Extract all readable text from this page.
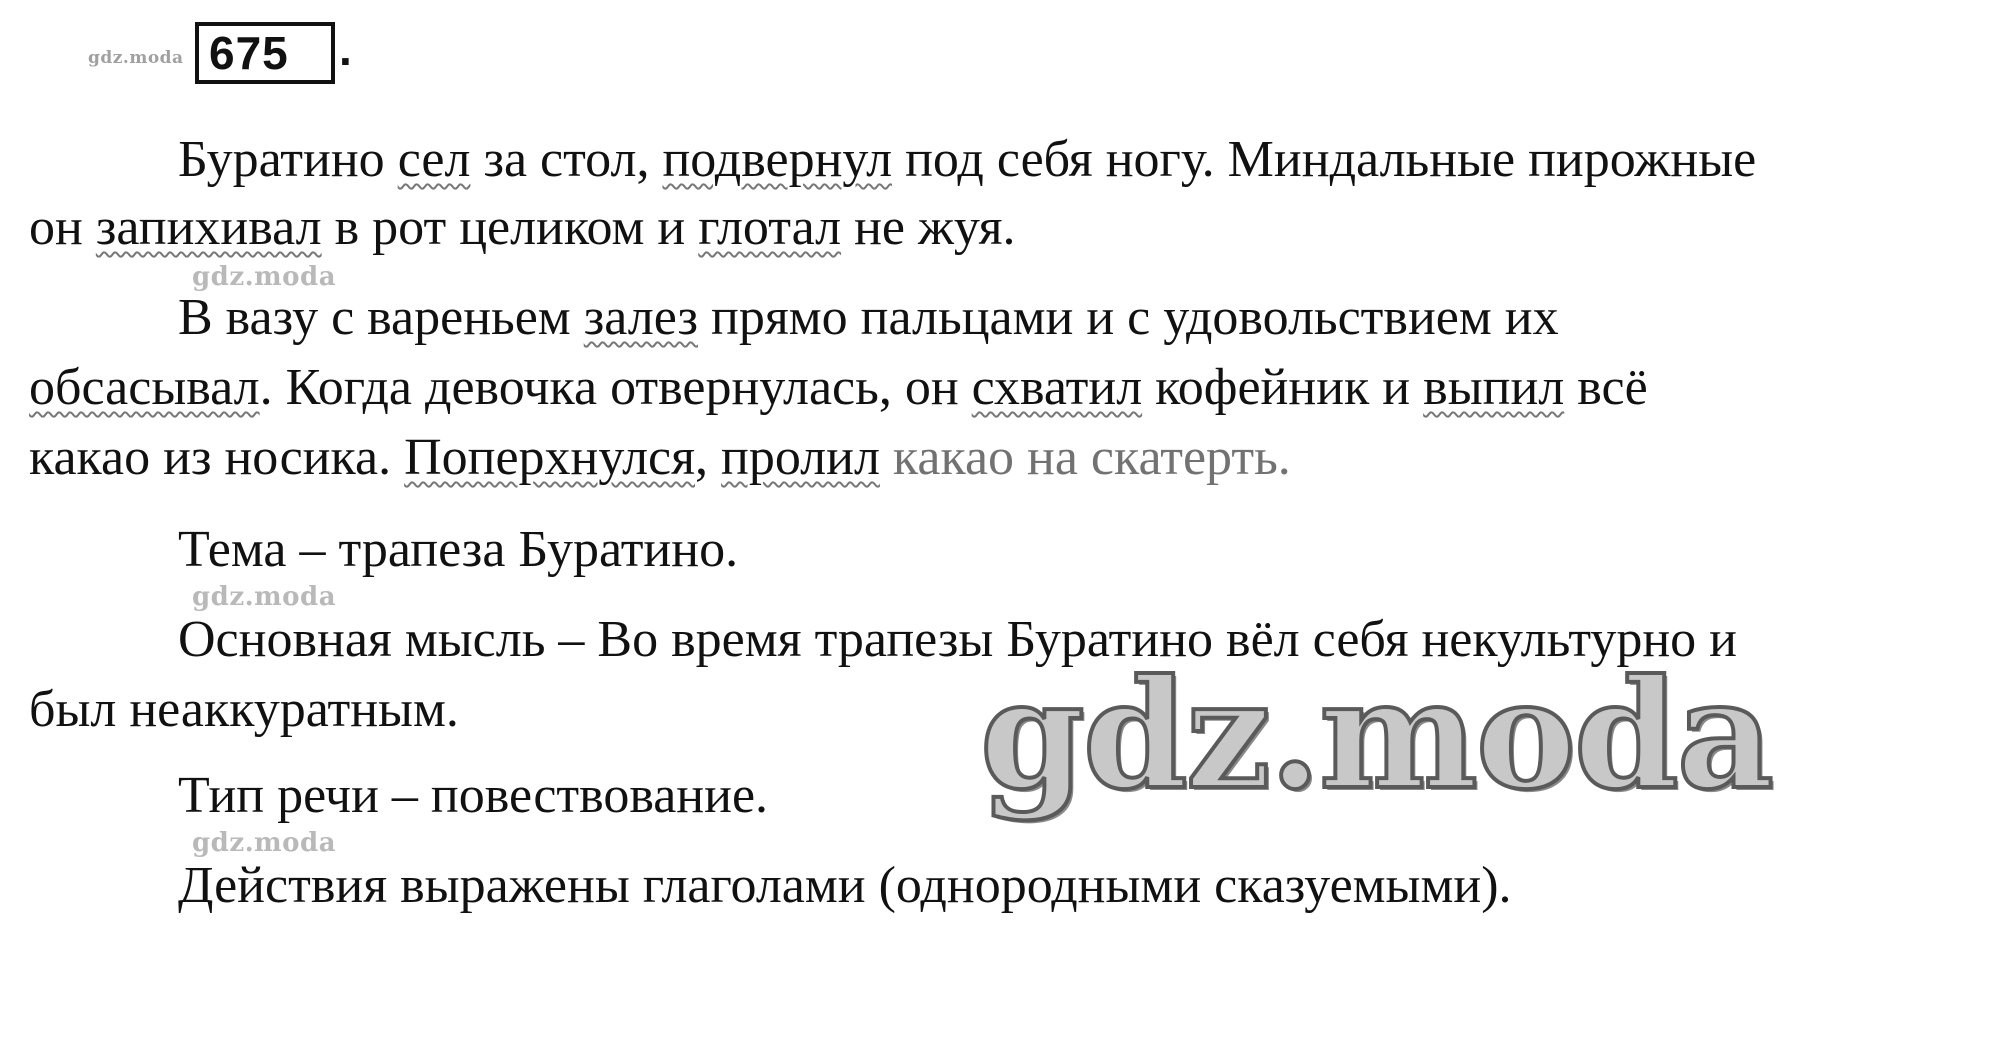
gdz.moda 675 .
Буратино сел за стол, подвернул под себя ногу. Миндальные пирожные
он запихивал в рот целиком и глотал не жуя.
gdz.moda
В вазу с вареньем залез прямо пальцами и с удовольствием их
обсасывал. Когда девочка отвернулась, он схватил кофейник и выпил всё
какао из носика. Поперхнулся, пролил какао на скатерть.
Тема – трапеза Буратино.
gdz.moda
Основная мысль – Во время трапезы Буратино вёл себя некультурно и
был неаккуратным.	gdz.moda
Тип речи – повествование.
gdz.moda
Действия выражены глаголами (однородными сказуемыми).
